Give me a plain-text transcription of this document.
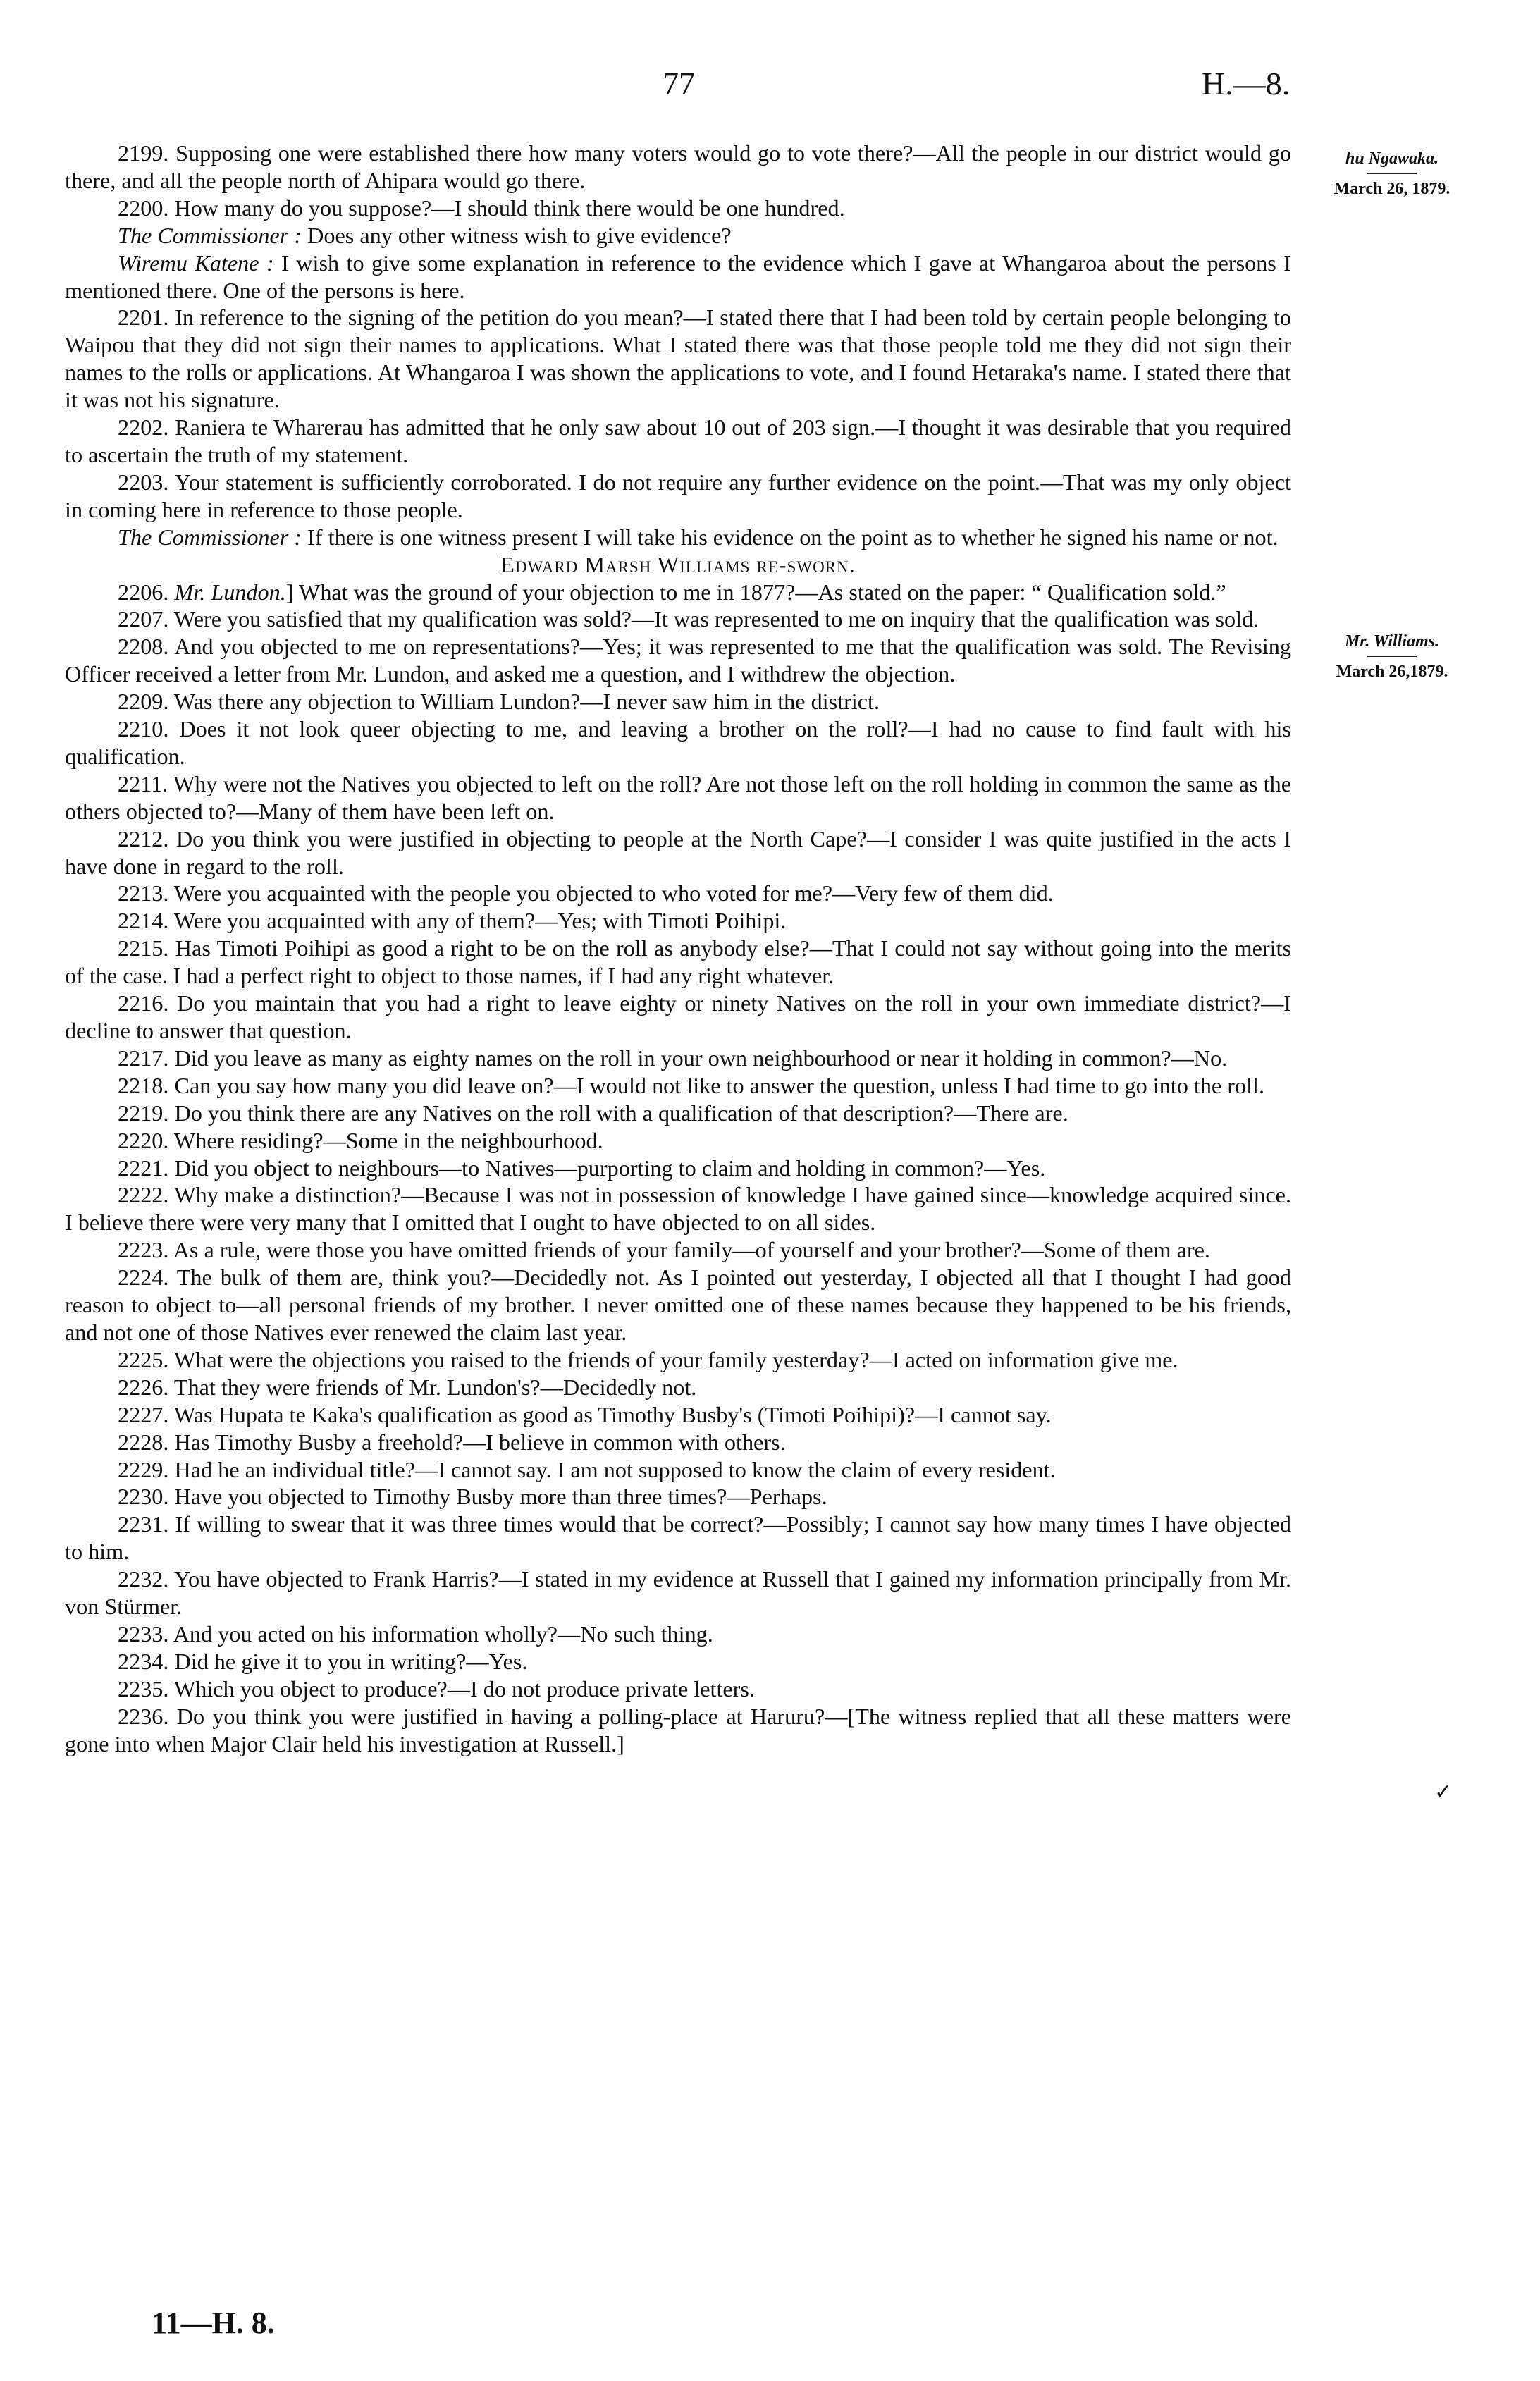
77	H.—8.

2199. Supposing one were established there how many voters would go to vote there?—All the people in our district would go there, and all the people north of Ahipara would go there.

2200. How many do you suppose?—I should think there would be one hundred.

The Commissioner : Does any other witness wish to give evidence?

Wiremu Katene : I wish to give some explanation in reference to the evidence which I gave at Whangaroa about the persons I mentioned there. One of the persons is here.

2201. In reference to the signing of the petition do you mean?—I stated there that I had been told by certain people belonging to Waipou that they did not sign their names to applications. What I stated there was that those people told me they did not sign their names to the rolls or applications. At Whangaroa I was shown the applications to vote, and I found Hetaraka's name. I stated there that it was not his signature.

2202. Raniera te Wharerau has admitted that he only saw about 10 out of 203 sign.—I thought it was desirable that you required to ascertain the truth of my statement.

2203. Your statement is sufficiently corroborated. I do not require any further evidence on the point.—That was my only object in coming here in reference to those people.

The Commissioner : If there is one witness present I will take his evidence on the point as to whether he signed his name or not.

Edward Marsh Williams re-sworn.

2206. Mr. Lundon.] What was the ground of your objection to me in 1877?—As stated on the paper: “ Qualification sold.”

2207. Were you satisfied that my qualification was sold?—It was represented to me on inquiry that the qualification was sold.

2208. And you objected to me on representations?—Yes; it was represented to me that the qualification was sold. The Revising Officer received a letter from Mr. Lundon, and asked me a question, and I withdrew the objection.

2209. Was there any objection to William Lundon?—I never saw him in the district.

2210. Does it not look queer objecting to me, and leaving a brother on the roll?—I had no cause to find fault with his qualification.

2211. Why were not the Natives you objected to left on the roll? Are not those left on the roll holding in common the same as the others objected to?—Many of them have been left on.

2212. Do you think you were justified in objecting to people at the North Cape?—I consider I was quite justified in the acts I have done in regard to the roll.

2213. Were you acquainted with the people you objected to who voted for me?—Very few of them did.

2214. Were you acquainted with any of them?—Yes; with Timoti Poihipi.

2215. Has Timoti Poihipi as good a right to be on the roll as anybody else?—That I could not say without going into the merits of the case. I had a perfect right to object to those names, if I had any right whatever.

2216. Do you maintain that you had a right to leave eighty or ninety Natives on the roll in your own immediate district?—I decline to answer that question.

2217. Did you leave as many as eighty names on the roll in your own neighbourhood or near it holding in common?—No.

2218. Can you say how many you did leave on?—I would not like to answer the question, unless I had time to go into the roll.

2219. Do you think there are any Natives on the roll with a qualification of that description?—There are.

2220. Where residing?—Some in the neighbourhood.

2221. Did you object to neighbours—to Natives—purporting to claim and holding in common?—Yes.

2222. Why make a distinction?—Because I was not in possession of knowledge I have gained since—knowledge acquired since. I believe there were very many that I omitted that I ought to have objected to on all sides.

2223. As a rule, were those you have omitted friends of your family—of yourself and your brother?—Some of them are.

2224. The bulk of them are, think you?—Decidedly not. As I pointed out yesterday, I objected all that I thought I had good reason to object to—all personal friends of my brother. I never omitted one of these names because they happened to be his friends, and not one of those Natives ever renewed the claim last year.

2225. What were the objections you raised to the friends of your family yesterday?—I acted on information give me.

2226. That they were friends of Mr. Lundon's?—Decidedly not.

2227. Was Hupata te Kaka's qualification as good as Timothy Busby's (Timoti Poihipi)?—I cannot say.

2228. Has Timothy Busby a freehold?—I believe in common with others.

2229. Had he an individual title?—I cannot say. I am not supposed to know the claim of every resident.

2230. Have you objected to Timothy Busby more than three times?—Perhaps.

2231. If willing to swear that it was three times would that be correct?—Possibly; I cannot say how many times I have objected to him.

2232. You have objected to Frank Harris?—I stated in my evidence at Russell that I gained my information principally from Mr. von Stürmer.

2233. And you acted on his information wholly?—No such thing.

2234. Did he give it to you in writing?—Yes.

2235. Which you object to produce?—I do not produce private letters.

2236. Do you think you were justified in having a polling-place at Haruru?—[The witness replied that all these matters were gone into when Major Clair held his investigation at Russell.]

hu Ngawaka.
March 26, 1879.
Mr. Williams.
March 26,1879.
✓
11—H. 8.
